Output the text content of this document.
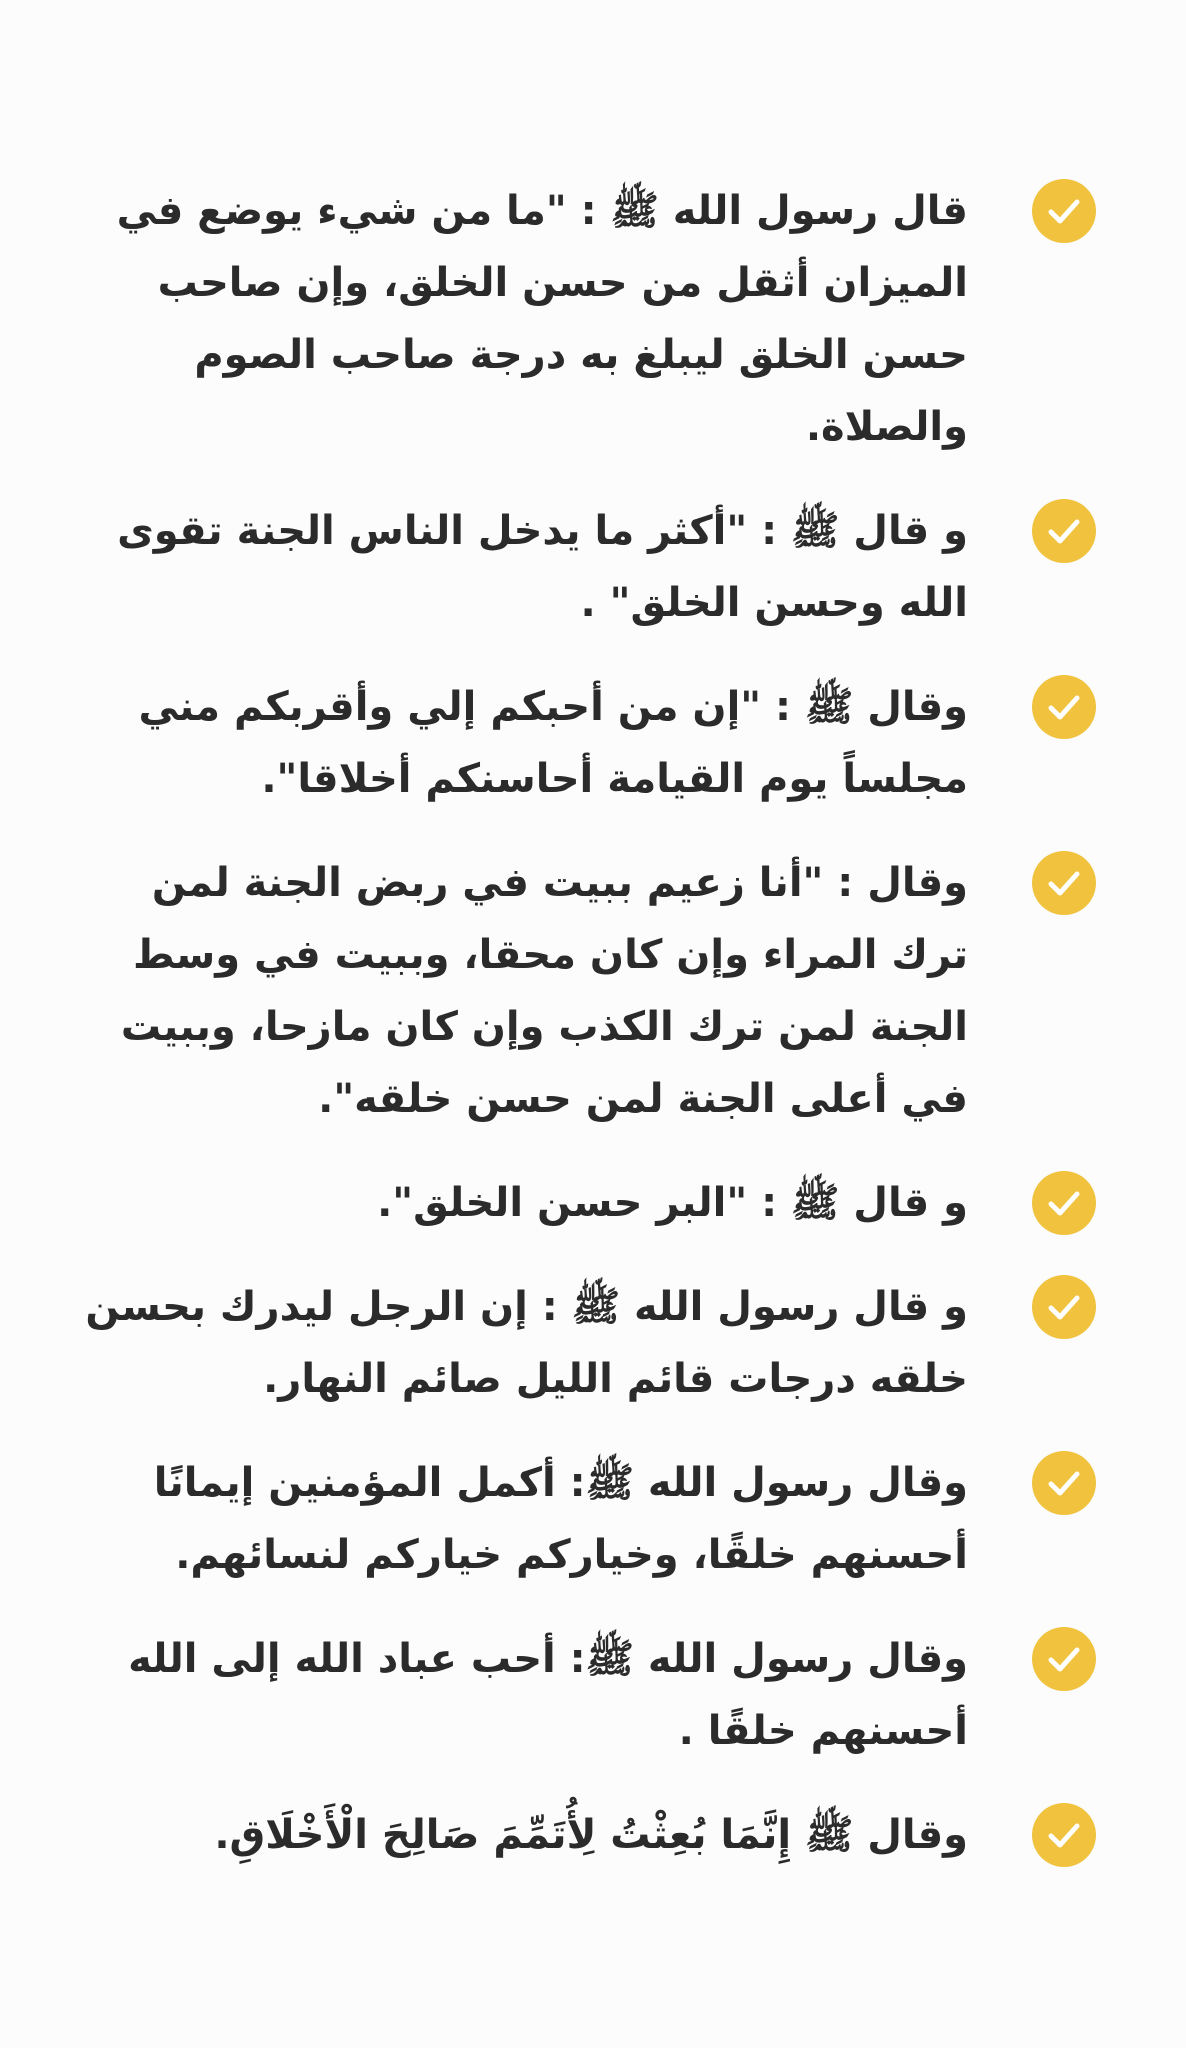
قال رسول الله ﷺ : "ما من شيء يوضع في الميزان أثقل من حسن الخلق، وإن صاحب حسن الخلق ليبلغ به درجة صاحب الصوم والصلاة.
و قال ﷺ : "أكثر ما يدخل الناس الجنة تقوى الله وحسن الخلق" .
وقال ﷺ : "إن من أحبكم إلي وأقربكم مني مجلساً يوم القيامة أحاسنكم أخلاقا".
وقال : "أنا زعيم ببيت في ربض الجنة لمن ترك المراء وإن كان محقا، وببيت في وسط الجنة لمن ترك الكذب وإن كان مازحا، وببيت في أعلى الجنة لمن حسن خلقه".
و قال ﷺ : "البر حسن الخلق".
و قال رسول الله ﷺ : إن الرجل ليدرك بحسن خلقه درجات قائم الليل صائم النهار.
وقال رسول الله ﷺ: أكمل المؤمنين إيمانًا أحسنهم خلقًا، وخياركم خياركم لنسائهم.
وقال رسول الله ﷺ: أحب عباد الله إلى الله أحسنهم خلقًا .
وقال ﷺ إِنَّمَا بُعِثْتُ لِأُتَمِّمَ صَالِحَ الْأَخْلَاقِ.
